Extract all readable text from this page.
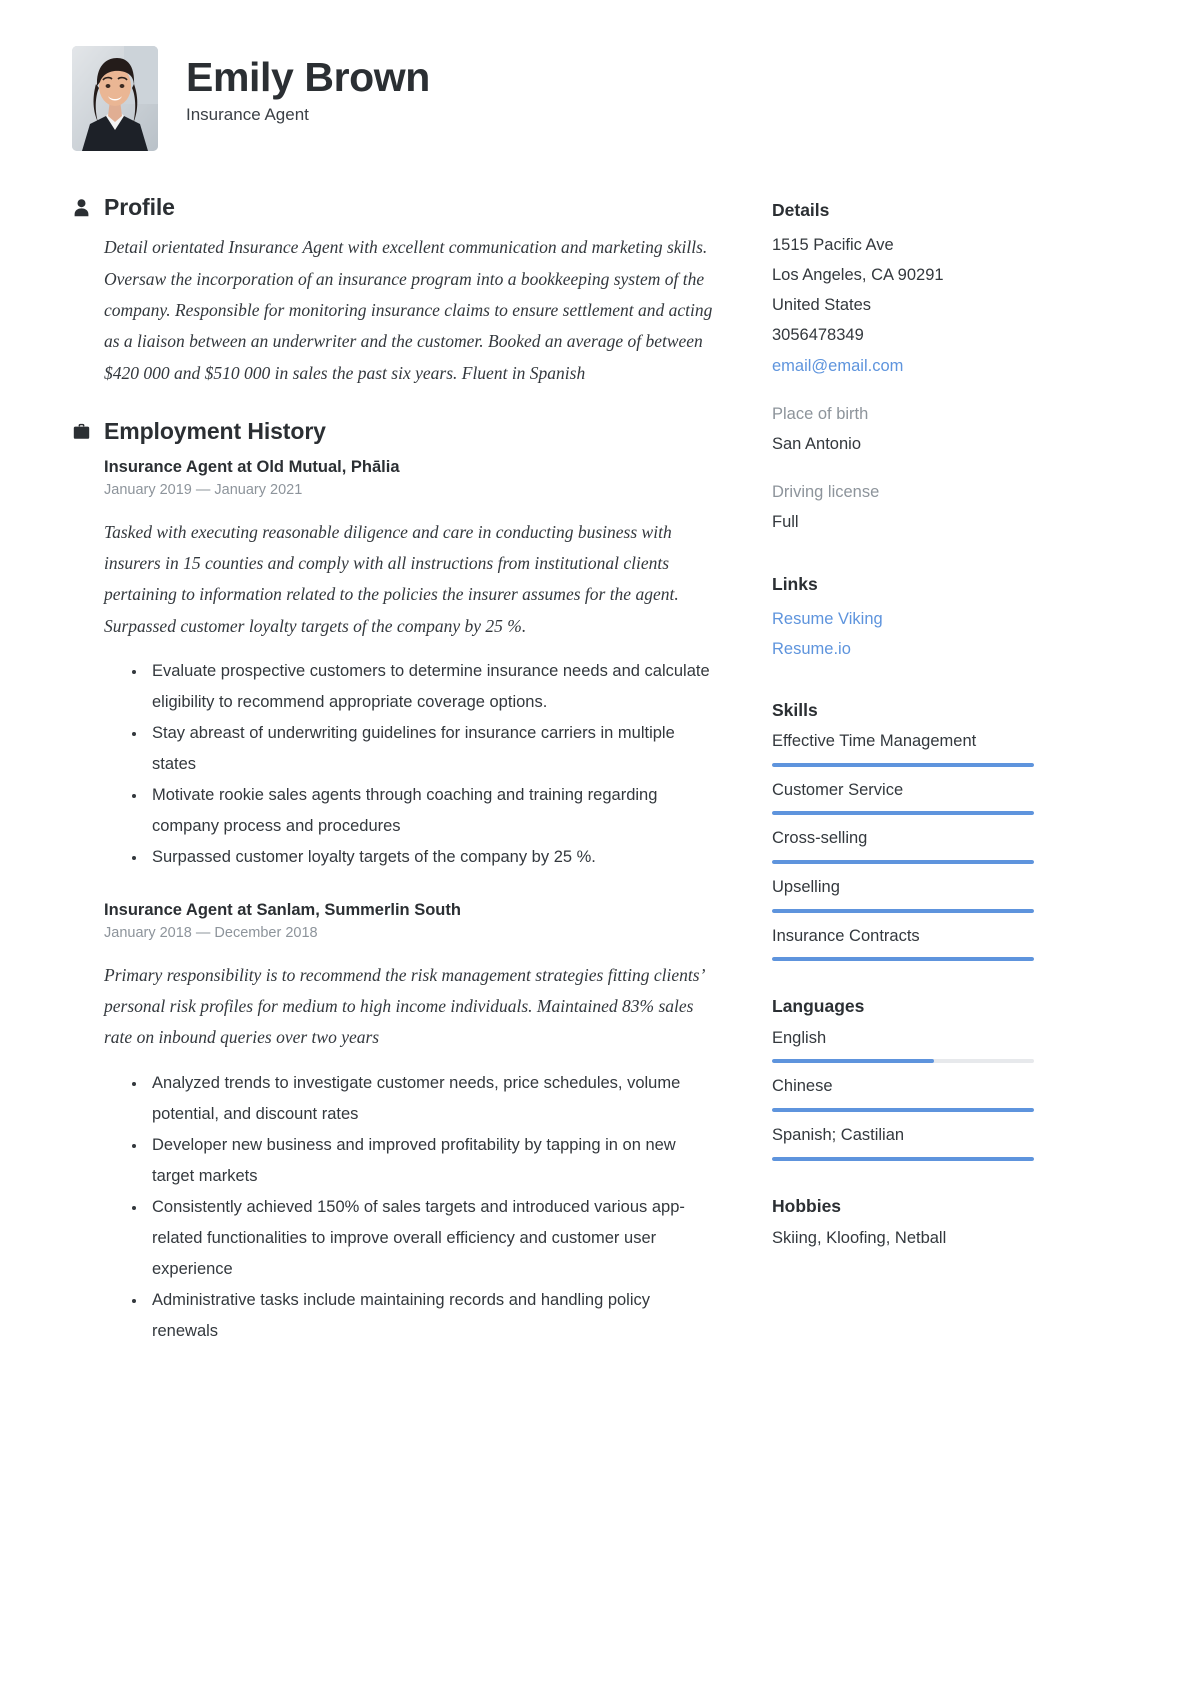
Emily Brown
Insurance Agent
Profile

Detail orientated Insurance Agent with excellent communication and marketing skills. Oversaw the incorporation of an insurance program into a bookkeeping system of the company. Responsible for monitoring insurance claims to ensure settlement and acting as a liaison between an underwriter and the customer. Booked an average of between $420 000 and $510 000 in sales the past six years. Fluent in Spanish

Employment History
Insurance Agent at Old Mutual, Phālia
January 2019 — January 2021

Tasked with executing reasonable diligence and care in conducting business with insurers in 15 counties and comply with all instructions from institutional clients pertaining to information related to the policies the insurer assumes for the agent. Surpassed customer loyalty targets of the company by 25 %.

Evaluate prospective customers to determine insurance needs and calculate eligibility to recommend appropriate coverage options.
Stay abreast of underwriting guidelines for insurance carriers in multiple states
Motivate rookie sales agents through coaching and training regarding company process and procedures
Surpassed customer loyalty targets of the company by 25 %.
Insurance Agent at Sanlam, Summerlin South
January 2018 — December 2018

Primary responsibility is to recommend the risk management strategies fitting clients’ personal risk profiles for medium to high income individuals. Maintained 83% sales rate on inbound queries over two years

Analyzed trends to investigate customer needs, price schedules, volume potential, and discount rates
Developer new business and improved profitability by tapping in on new target markets
Consistently achieved 150% of sales targets and introduced various app-related functionalities to improve overall efficiency and customer user experience
Administrative tasks include maintaining records and handling policy renewals
Details
1515 Pacific Ave
Los Angeles, CA 90291
United States
3056478349
email@email.com
Place of birth
San Antonio
Driving license
Full
Links
Resume Viking
Resume.io
Skills
Effective Time Management
Customer Service
Cross-selling
Upselling
Insurance Contracts
Languages
English
Chinese
Spanish; Castilian
Hobbies
Skiing, Kloofing, Netball
